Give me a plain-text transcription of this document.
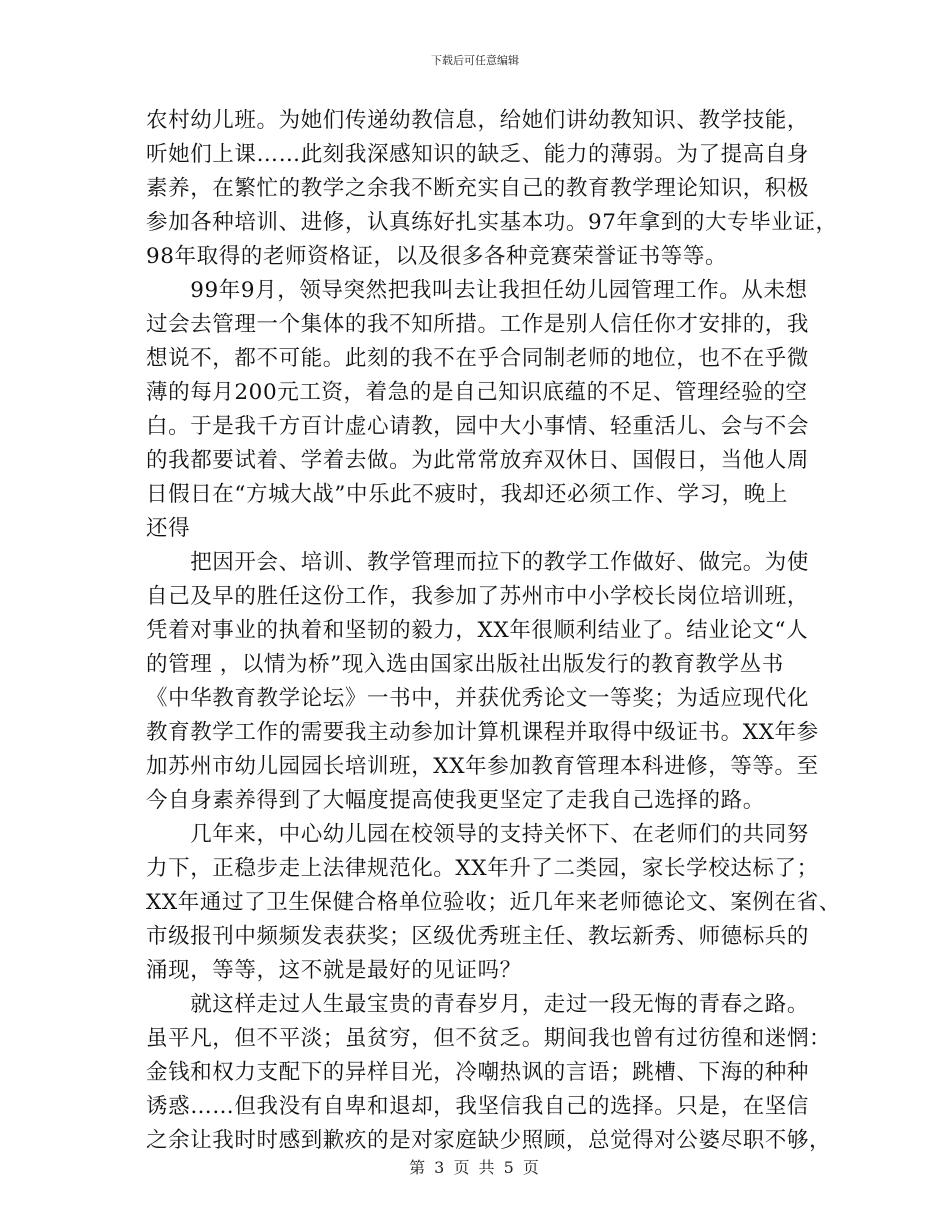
下载后可任意编辑
农村幼儿班。为她们传递幼教信息，给她们讲幼教知识、教学技能，
听她们上课……此刻我深感知识的缺乏、能力的薄弱。为了提高自身
素养，在繁忙的教学之余我不断充实自己的教育教学理论知识，积极
参加各种培训、进修，认真练好扎实基本功。97年拿到的大专毕业证，
98年取得的老师资格证，以及很多各种竞赛荣誉证书等等。
　　99年9月，领导突然把我叫去让我担任幼儿园管理工作。从未想
过会去管理一个集体的我不知所措。工作是别人信任你才安排的，我
想说不，都不可能。此刻的我不在乎合同制老师的地位，也不在乎微
薄的每月200元工资，着急的是自己知识底蕴的不足、管理经验的空
白。于是我千方百计虚心请教，园中大小事情、轻重活儿、会与不会
的我都要试着、学着去做。为此常常放弃双休日、国假日，当他人周
日假日在“方城大战”中乐此不疲时，我却还必须工作、学习，晚上
还得
　　把因开会、培训、教学管理而拉下的教学工作做好、做完。为使
自己及早的胜任这份工作，我参加了苏州市中小学校长岗位培训班，
凭着对事业的执着和坚韧的毅力，XX年很顺利结业了。结业论文“人
的管理 ，以情为桥”现入选由国家出版社出版发行的教育教学丛书
《中华教育教学论坛》一书中，并获优秀论文一等奖；为适应现代化
教育教学工作的需要我主动参加计算机课程并取得中级证书。XX年参
加苏州市幼儿园园长培训班，XX年参加教育管理本科进修，等等。至
今自身素养得到了大幅度提高使我更坚定了走我自己选择的路。
　　几年来，中心幼儿园在校领导的支持关怀下、在老师们的共同努
力下，正稳步走上法律规范化。XX年升了二类园，家长学校达标了；
XX年通过了卫生保健合格单位验收；近几年来老师德论文、案例在省、
市级报刊中频频发表获奖；区级优秀班主任、教坛新秀、师德标兵的
涌现，等等，这不就是最好的见证吗？
　　就这样走过人生最宝贵的青春岁月，走过一段无悔的青春之路。
虽平凡，但不平淡；虽贫穷，但不贫乏。期间我也曾有过彷徨和迷惘：
金钱和权力支配下的异样目光，冷嘲热讽的言语；跳槽、下海的种种
诱惑……但我没有自卑和退却，我坚信我自己的选择。只是，在坚信
之余让我时时感到歉疚的是对家庭缺少照顾，总觉得对公婆尽职不够，
第 3 页 共 5 页
